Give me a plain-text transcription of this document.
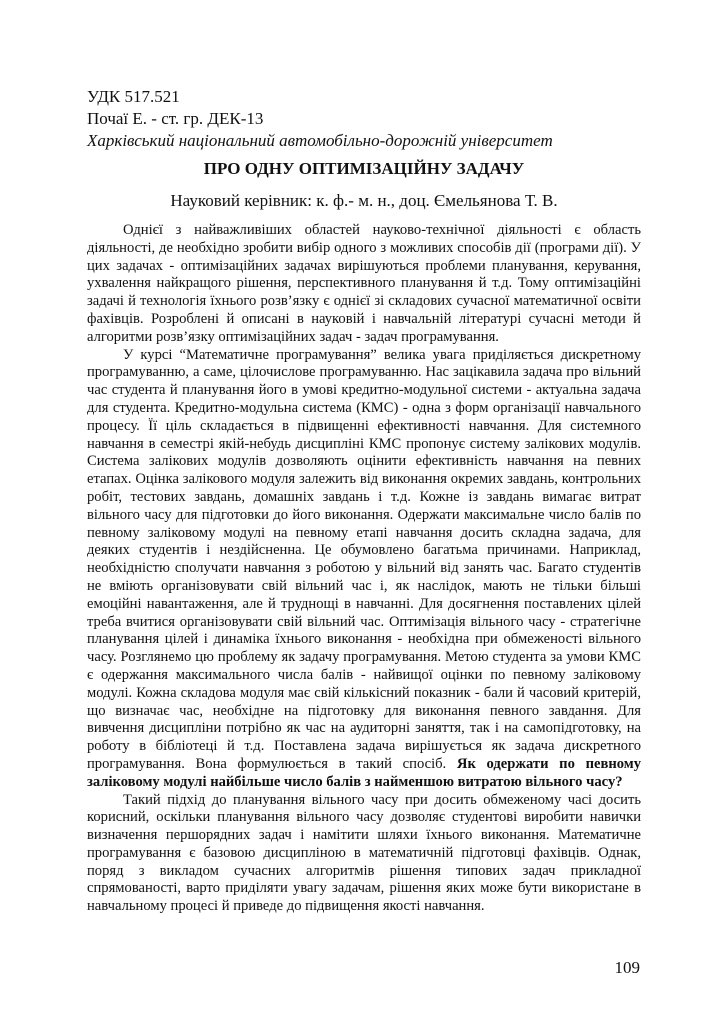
УДК 517.521
Почаї Е. - ст. гр. ДЕК-13
Харківський національний автомобільно-дорожній університет
ПРО ОДНУ ОПТИМІЗАЦІЙНУ ЗАДАЧУ
Науковий керівник: к. ф.- м. н., доц. Ємельянова Т. В.

Однієї з найважливіших областей науково-технічної діяльності є область діяльності, де необхідно зробити вибір одного з можливих способів дії (програми дії). У цих задачах - оптимізаційних задачах вирішуються проблеми планування, керування, ухвалення найкращого рішення, перспективного планування й т.д. Тому оптимізаційні задачі й технологія їхнього розв’язку є однієї зі складових сучасної математичної освіти фахівців. Розроблені й описані в науковій і навчальній літературі сучасні методи й алгоритми розв’язку оптимізаційних задач - задач програмування.

У курсі “Математичне програмування” велика увага приділяється дискретному програмуванню, а саме, цілочислове програмуванню. Нас зацікавила задача про вільний час студента й планування його в умові кредитно-модульної системи - актуальна задача для студента. Кредитно-модульна система (КМС) - одна з форм організації навчального процесу. Її ціль складається в підвищенні ефективності навчання. Для системного навчання в семестрі якій-небудь дисципліні КМС пропонує систему залікових модулів. Система залікових модулів дозволяють оцінити ефективність навчання на певних етапах. Оцінка залікового модуля залежить від виконання окремих завдань, контрольних робіт, тестових завдань, домашніх завдань і т.д. Кожне із завдань вимагає витрат вільного часу для підготовки до його виконання. Одержати максимальне число балів по певному заліковому модулі на певному етапі навчання досить складна задача, для деяких студентів і нездійсненна. Це обумовлено багатьма причинами. Наприклад, необхідністю сполучати навчання з роботою у вільний від занять час. Багато студентів не вміють організовувати свій вільний час і, як наслідок, мають не тільки більші емоційні навантаження, але й труднощі в навчанні. Для досягнення поставлених цілей треба вчитися організовувати свій вільний час. Оптимізація вільного часу - стратегічне планування цілей і динаміка їхнього виконання - необхідна при обмеженості вільного часу. Розглянемо цю проблему як задачу програмування. Метою студента за умови КМС є одержання максимального числа балів - найвищої оцінки по певному заліковому модулі. Кожна складова модуля має свій кількісний показник - бали й часовий критерій, що визначає час, необхідне на підготовку для виконання певного завдання. Для вивчення дисципліни потрібно як час на аудиторні заняття, так і на самопідготовку, на роботу в бібліотеці й т.д. Поставлена задача вирішується як задача дискретного програмування. Вона формулюється в такий спосіб. Як одержати по певному заліковому модулі найбільше число балів з найменшою витратою вільного часу?

Такий підхід до планування вільного часу при досить обмеженому часі досить корисний, оскільки планування вільного часу дозволяє студентові виробити навички визначення першорядних задач і намітити шляхи їхнього виконання. Математичне програмування є базовою дисципліною в математичній підготовці фахівців. Однак, поряд з викладом сучасних алгоритмів рішення типових задач прикладної спрямованості, варто приділяти увагу задачам, рішення яких може бути використане в навчальному процесі й приведе до підвищення якості навчання.

109
